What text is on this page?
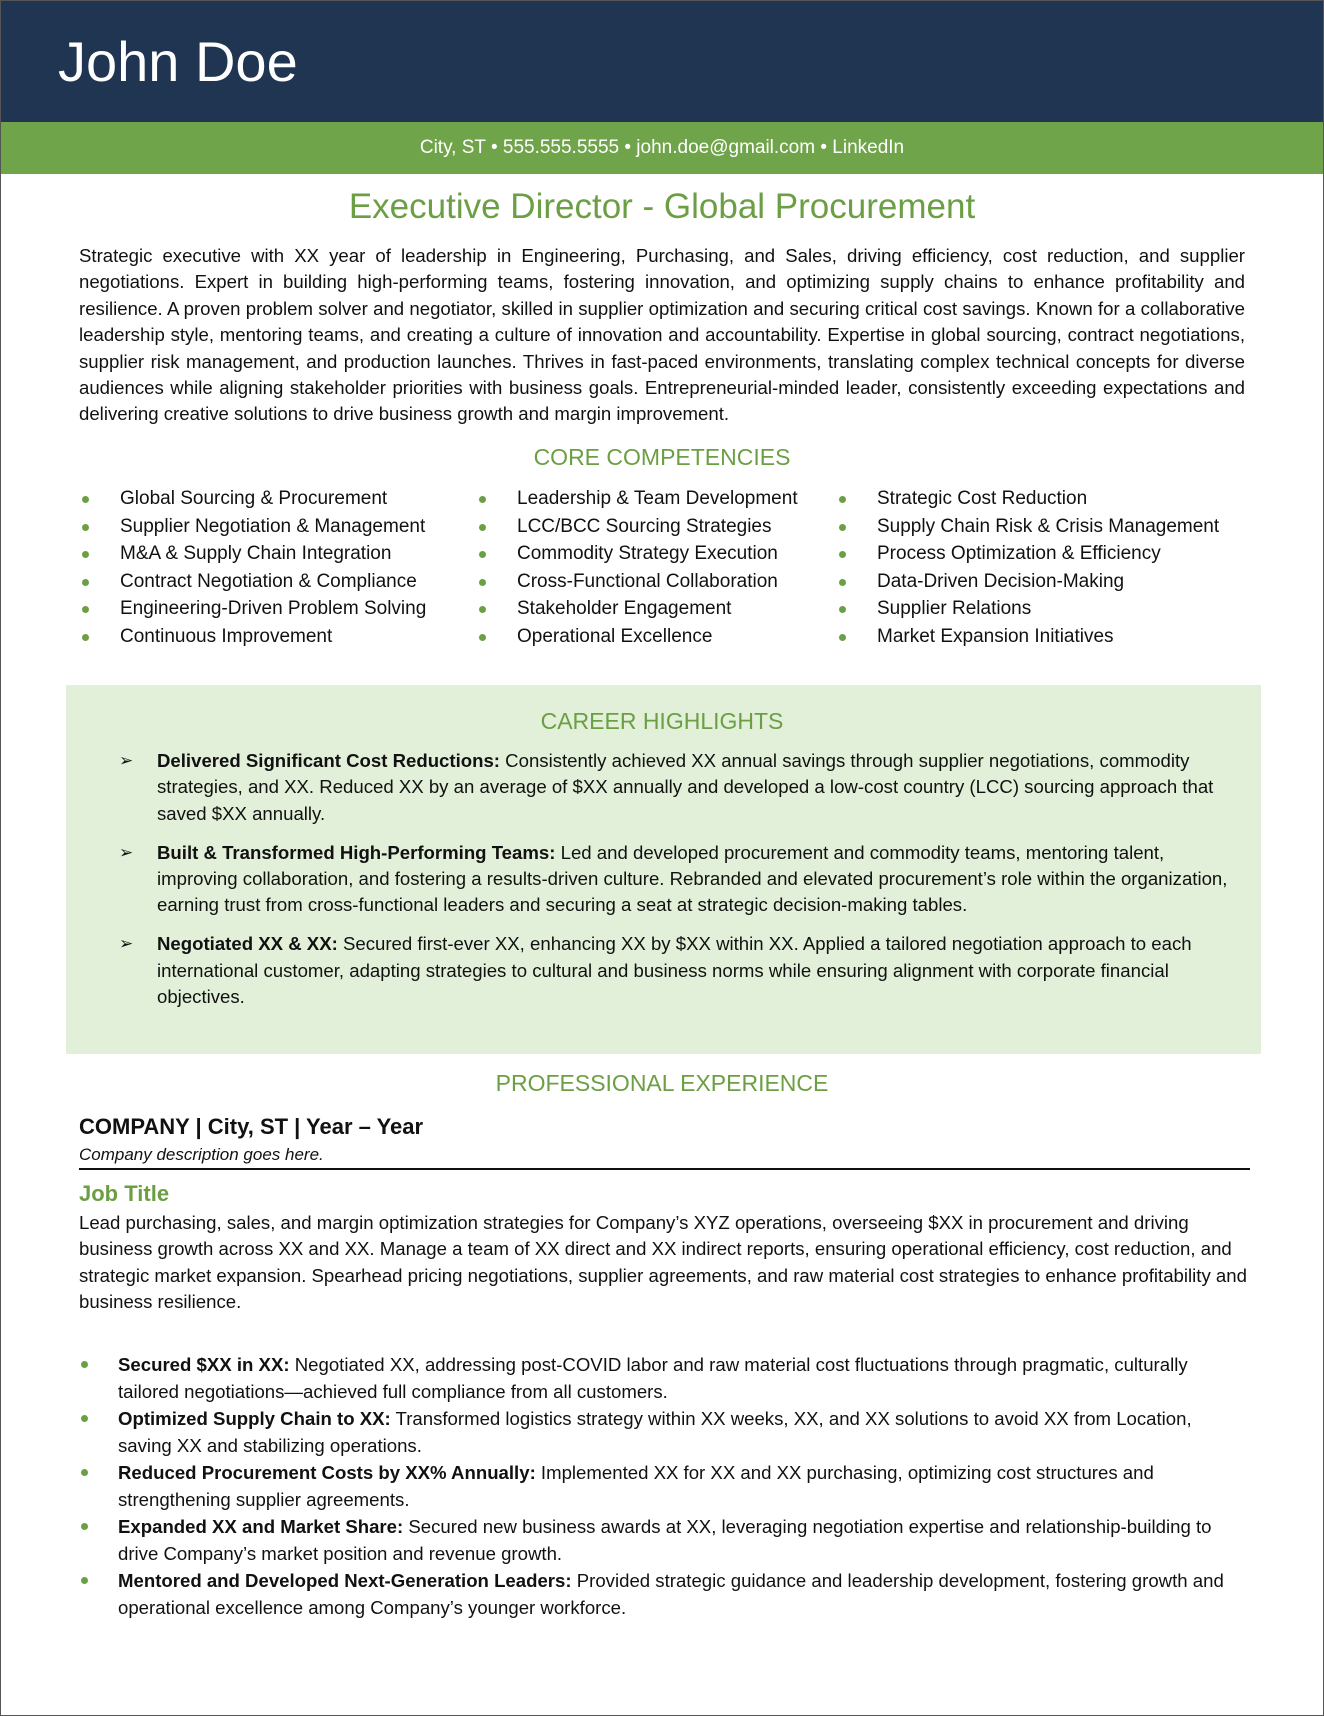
John Doe
City, ST • 555.555.5555 • john.doe@gmail.com • LinkedIn
Executive Director - Global Procurement

Strategic executive with XX year of leadership in Engineering, Purchasing, and Sales, driving efficiency, cost reduction, and supplier negotiations. Expert in building high-performing teams, fostering innovation, and optimizing supply chains to enhance profitability and resilience. A proven problem solver and negotiator, skilled in supplier optimization and securing critical cost savings. Known for a collaborative leadership style, mentoring teams, and creating a culture of innovation and accountability. Expertise in global sourcing, contract negotiations, supplier risk management, and production launches. Thrives in fast-paced environments, translating complex technical concepts for diverse audiences while aligning stakeholder priorities with business goals. Entrepreneurial-minded leader, consistently exceeding expectations and delivering creative solutions to drive business growth and margin improvement.

CORE COMPETENCIES
Global Sourcing & Procurement
Supplier Negotiation & Management
M&A & Supply Chain Integration
Contract Negotiation & Compliance
Engineering-Driven Problem Solving
Continuous Improvement
Leadership & Team Development
LCC/BCC Sourcing Strategies
Commodity Strategy Execution
Cross-Functional Collaboration
Stakeholder Engagement
Operational Excellence
Strategic Cost Reduction
Supply Chain Risk & Crisis Management
Process Optimization & Efficiency
Data-Driven Decision-Making
Supplier Relations
Market Expansion Initiatives
CAREER HIGHLIGHTS
➢ Delivered Significant Cost Reductions: Consistently achieved XX annual savings through supplier negotiations, commodity strategies, and XX. Reduced XX by an average of $XX annually and developed a low-cost country (LCC) sourcing approach that saved $XX annually.
➢ Built & Transformed High-Performing Teams: Led and developed procurement and commodity teams, mentoring talent, improving collaboration, and fostering a results-driven culture. Rebranded and elevated procurement’s role within the organization, earning trust from cross-functional leaders and securing a seat at strategic decision-making tables.
➢ Negotiated XX & XX: Secured first-ever XX, enhancing XX by $XX within XX. Applied a tailored negotiation approach to each international customer, adapting strategies to cultural and business norms while ensuring alignment with corporate financial objectives.
PROFESSIONAL EXPERIENCE
COMPANY | City, ST | Year – Year
Company description goes here.
Job Title

Lead purchasing, sales, and margin optimization strategies for Company’s XYZ operations, overseeing $XX in procurement and driving business growth across XX and XX. Manage a team of XX direct and XX indirect reports, ensuring operational efficiency, cost reduction, and strategic market expansion. Spearhead pricing negotiations, supplier agreements, and raw material cost strategies to enhance profitability and business resilience.

Secured $XX in XX: Negotiated XX, addressing post-COVID labor and raw material cost fluctuations through pragmatic, culturally tailored negotiations—achieved full compliance from all customers.
Optimized Supply Chain to XX: Transformed logistics strategy within XX weeks, XX, and XX solutions to avoid XX from Location, saving XX and stabilizing operations.
Reduced Procurement Costs by XX% Annually: Implemented XX for XX and XX purchasing, optimizing cost structures and strengthening supplier agreements.
Expanded XX and Market Share: Secured new business awards at XX, leveraging negotiation expertise and relationship-building to drive Company’s market position and revenue growth.
Mentored and Developed Next-Generation Leaders: Provided strategic guidance and leadership development, fostering growth and operational excellence among Company’s younger workforce.
